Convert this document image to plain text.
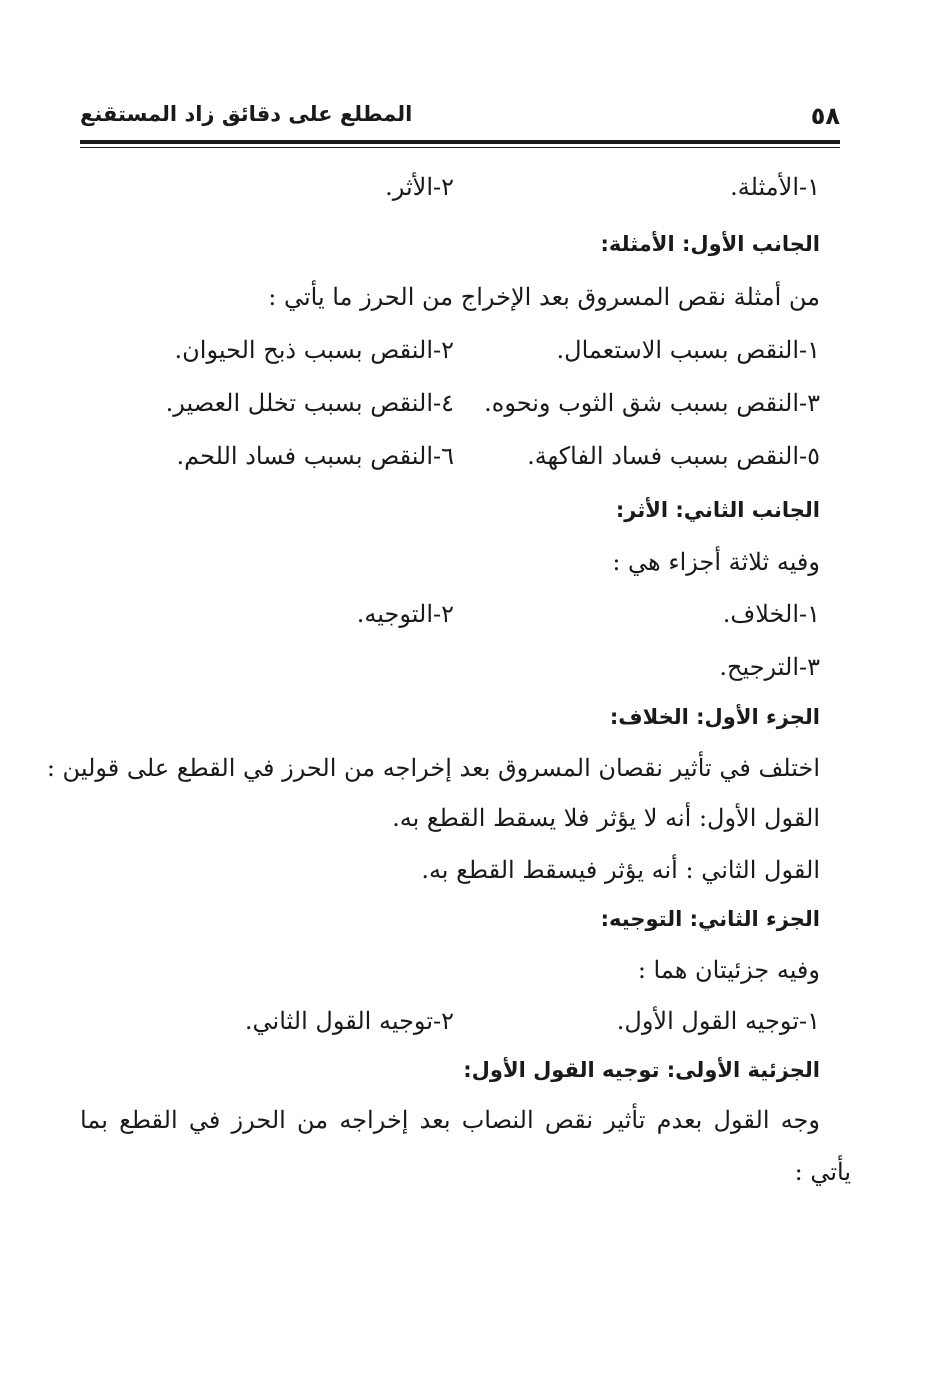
٥٨
المطلع على دقائق زاد المستقنع
١-الأمثلة.
٢-الأثر.
الجانب الأول: الأمثلة:
من أمثلة نقص المسروق بعد الإخراج من الحرز ما يأتي :
١-النقص بسبب الاستعمال.
٢-النقص بسبب ذبح الحيوان.
٣-النقص بسبب شق الثوب ونحوه.
٤-النقص بسبب تخلل العصير.
٥-النقص بسبب فساد الفاكهة.
٦-النقص بسبب فساد اللحم.
الجانب الثاني: الأثر:
وفيه ثلاثة أجزاء هي :
١-الخلاف.
٢-التوجيه.
٣-الترجيح.
الجزء الأول: الخلاف:
اختلف في تأثير نقصان المسروق بعد إخراجه من الحرز في القطع على قولين :
القول الأول: أنه لا يؤثر فلا يسقط القطع به.
القول الثاني : أنه يؤثر فيسقط القطع به.
الجزء الثاني: التوجيه:
وفيه جزئيتان هما :
١-توجيه القول الأول.
٢-توجيه القول الثاني.
الجزئية الأولى: توجيه القول الأول:
وجه القول بعدم تأثير نقص النصاب بعد إخراجه من الحرز في القطع بما
يأتي :
